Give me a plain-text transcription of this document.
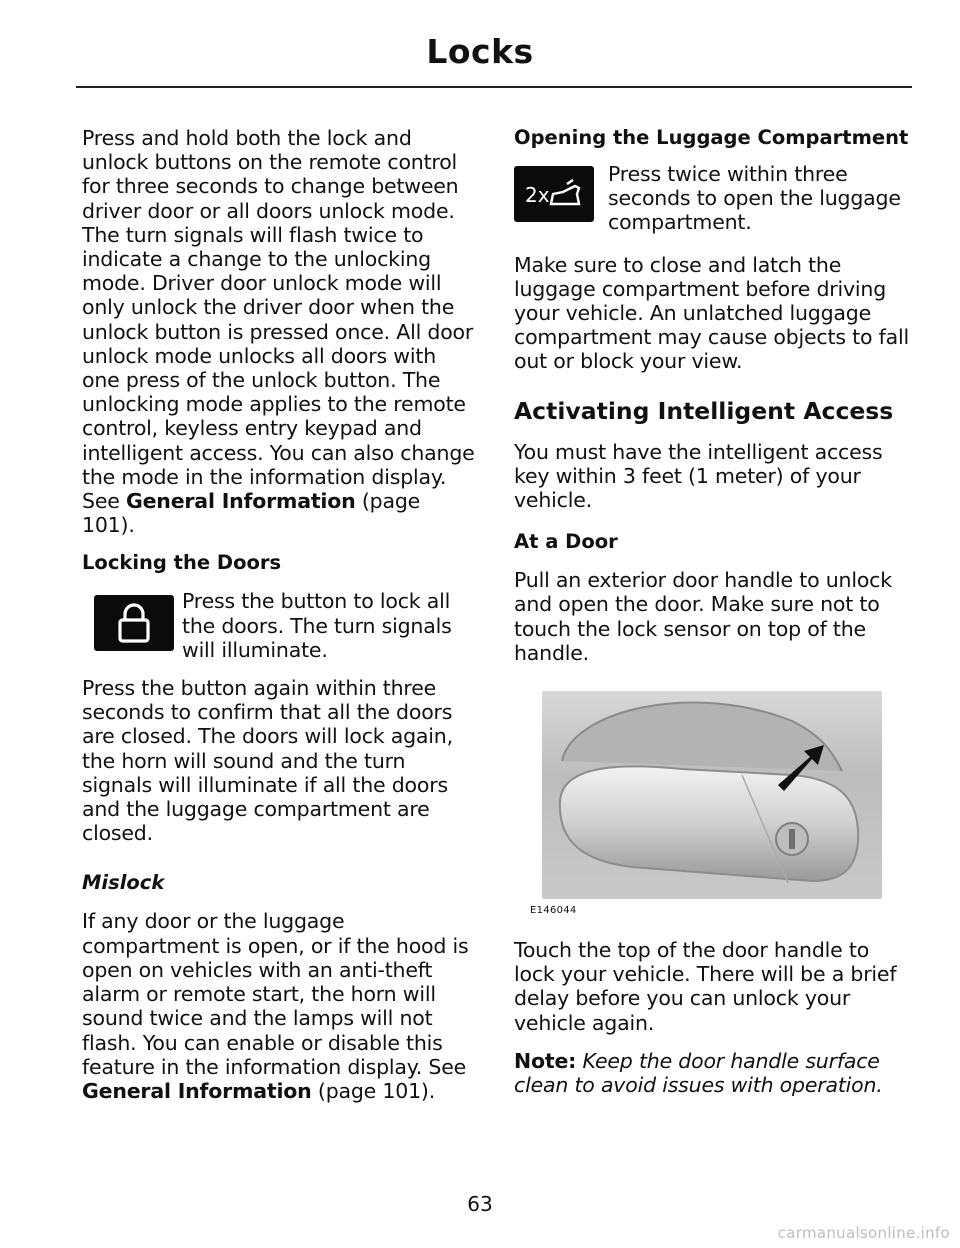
Locks

Press and hold both the lock and unlock buttons on the remote control for three seconds to change between driver door or all doors unlock mode. The turn signals will flash twice to indicate a change to the unlocking mode. Driver door unlock mode will only unlock the driver door when the unlock button is pressed once. All door unlock mode unlocks all doors with one press of the unlock button. The unlocking mode applies to the remote control, keyless entry keypad and intelligent access. You can also change the mode in the information display. See General Information (page 101).

Locking the Doors
Press the button to lock all the doors. The turn signals will illuminate.

Press the button again within three seconds to confirm that all the doors are closed. The doors will lock again, the horn will sound and the turn signals will illuminate if all the doors and the luggage compartment are closed.

Mislock

If any door or the luggage compartment is open, or if the hood is open on vehicles with an anti-theft alarm or remote start, the horn will sound twice and the lamps will not flash. You can enable or disable this feature in the information display. See General Information (page 101).

Opening the Luggage Compartment
2x
Press twice within three seconds to open the luggage compartment.

Make sure to close and latch the luggage compartment before driving your vehicle. An unlatched luggage compartment may cause objects to fall out or block your view.

Activating Intelligent Access

You must have the intelligent access key within 3 feet (1 meter) of your vehicle.

At a Door

Pull an exterior door handle to unlock and open the door. Make sure not to touch the lock sensor on top of the handle.

E146044

Touch the top of the door handle to lock your vehicle. There will be a brief delay before you can unlock your vehicle again.

Note: Keep the door handle surface clean to avoid issues with operation.

63
carmanualsonline.info
